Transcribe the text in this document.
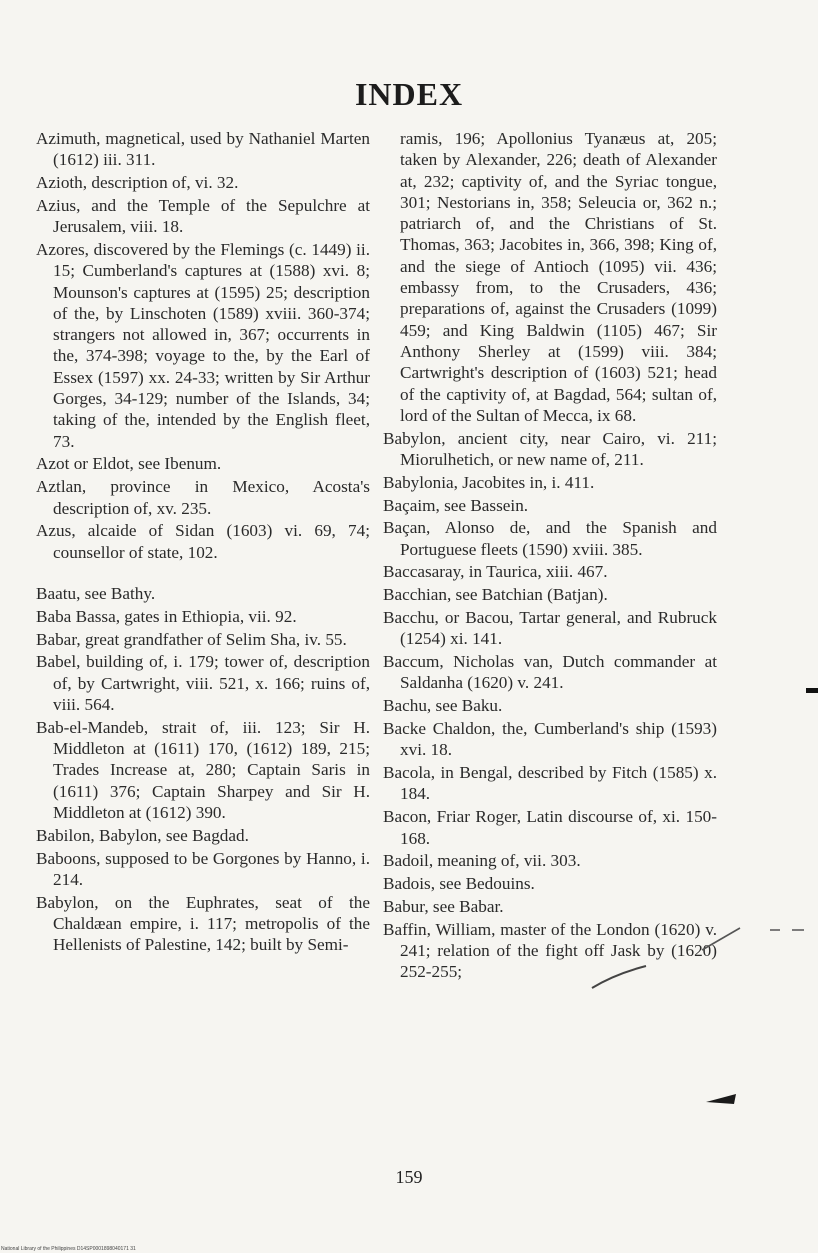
INDEX

Azimuth, magnetical, used by Nathaniel Marten (1612) iii. 311.

Azioth, description of, vi. 32.

Azius, and the Temple of the Sepulchre at Jerusalem, viii. 18.

Azores, discovered by the Flemings (c. 1449) ii. 15; Cumberland's captures at (1588) xvi. 8; Mounson's captures at (1595) 25; description of the, by Linschoten (1589) xviii. 360-374; strangers not allowed in, 367; occurrents in the, 374-398; voyage to the, by the Earl of Essex (1597) xx. 24-33; written by Sir Arthur Gorges, 34-129; number of the Islands, 34; taking of the, intended by the English fleet, 73.

Azot or Eldot, see Ibenum.

Aztlan, province in Mexico, Acosta's description of, xv. 235.

Azus, alcaide of Sidan (1603) vi. 69, 74; counsellor of state, 102.

Baatu, see Bathy.

Baba Bassa, gates in Ethiopia, vii. 92.

Babar, great grandfather of Selim Sha, iv. 55.

Babel, building of, i. 179; tower of, description of, by Cartwright, viii. 521, x. 166; ruins of, viii. 564.

Bab-el-Mandeb, strait of, iii. 123; Sir H. Middleton at (1611) 170, (1612) 189, 215; Trades Increase at, 280; Captain Saris in (1611) 376; Captain Sharpey and Sir H. Middleton at (1612) 390.

Babilon, Babylon, see Bagdad.

Baboons, supposed to be Gorgones by Hanno, i. 214.

Babylon, on the Euphrates, seat of the Chaldæan empire, i. 117; metropolis of the Hellenists of Palestine, 142; built by Semi-

ramis, 196; Apollonius Tyanæus at, 205; taken by Alexander, 226; death of Alexander at, 232; captivity of, and the Syriac tongue, 301; Nestorians in, 358; Seleucia or, 362 n.; patriarch of, and the Christians of St. Thomas, 363; Jacobites in, 366, 398; King of, and the siege of Antioch (1095) vii. 436; embassy from, to the Crusaders, 436; preparations of, against the Crusaders (1099) 459; and King Baldwin (1105) 467; Sir Anthony Sherley at (1599) viii. 384; Cartwright's description of (1603) 521; head of the captivity of, at Bagdad, 564; sultan of, lord of the Sultan of Mecca, ix 68.

Babylon, ancient city, near Cairo, vi. 211; Miorulhetich, or new name of, 211.

Babylonia, Jacobites in, i. 411.

Baçaim, see Bassein.

Baçan, Alonso de, and the Spanish and Portuguese fleets (1590) xviii. 385.

Baccasaray, in Taurica, xiii. 467.

Bacchian, see Batchian (Batjan).

Bacchu, or Bacou, Tartar general, and Rubruck (1254) xi. 141.

Baccum, Nicholas van, Dutch commander at Saldanha (1620) v. 241.

Bachu, see Baku.

Backe Chaldon, the, Cumberland's ship (1593) xvi. 18.

Bacola, in Bengal, described by Fitch (1585) x. 184.

Bacon, Friar Roger, Latin discourse of, xi. 150-168.

Badoil, meaning of, vii. 303.

Badois, see Bedouins.

Babur, see Babar.

Baffin, William, master of the London (1620) v. 241; relation of the fight off Jask by (1620) 252-255;

159
National Library of the Philippines D14SP0001898040171 31
